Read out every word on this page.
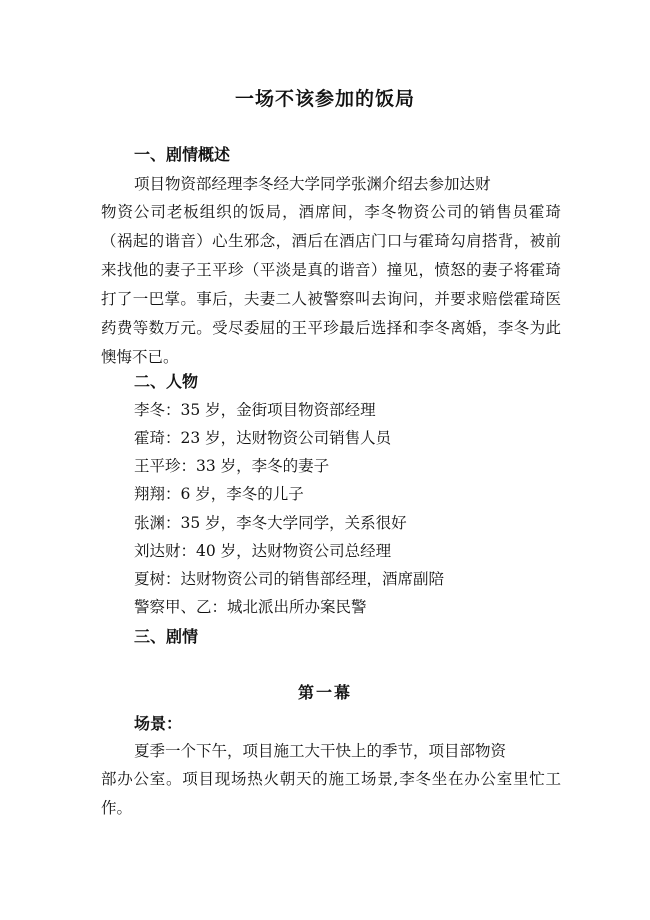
一场不该参加的饭局
一、剧情概述
项目物资部经理李冬经大学同学张渊介绍去参加达财

物资公司老板组织的饭局，酒席间，李冬物资公司的销售员霍琦（祸起的谐音）心生邪念，酒后在酒店门口与霍琦勾肩搭背，被前来找他的妻子王平珍（平淡是真的谐音）撞见，愤怒的妻子将霍琦打了一巴掌。事后，夫妻二人被警察叫去询问，并要求赔偿霍琦医药费等数万元。受尽委屈的王平珍最后选择和李冬离婚，李冬为此懊悔不已。

二、人物
李冬：35 岁，金街项目物资部经理
霍琦：23 岁，达财物资公司销售人员
王平珍：33 岁，李冬的妻子
翔翔：6 岁，李冬的儿子
张渊：35 岁，李冬大学同学，关系很好
刘达财：40 岁，达财物资公司总经理
夏树：达财物资公司的销售部经理，酒席副陪
警察甲、乙：城北派出所办案民警
三、剧情
第一幕
场景：
夏季一个下午，项目施工大干快上的季节，项目部物资

部办公室。项目现场热火朝天的施工场景,李冬坐在办公室里忙工作。
